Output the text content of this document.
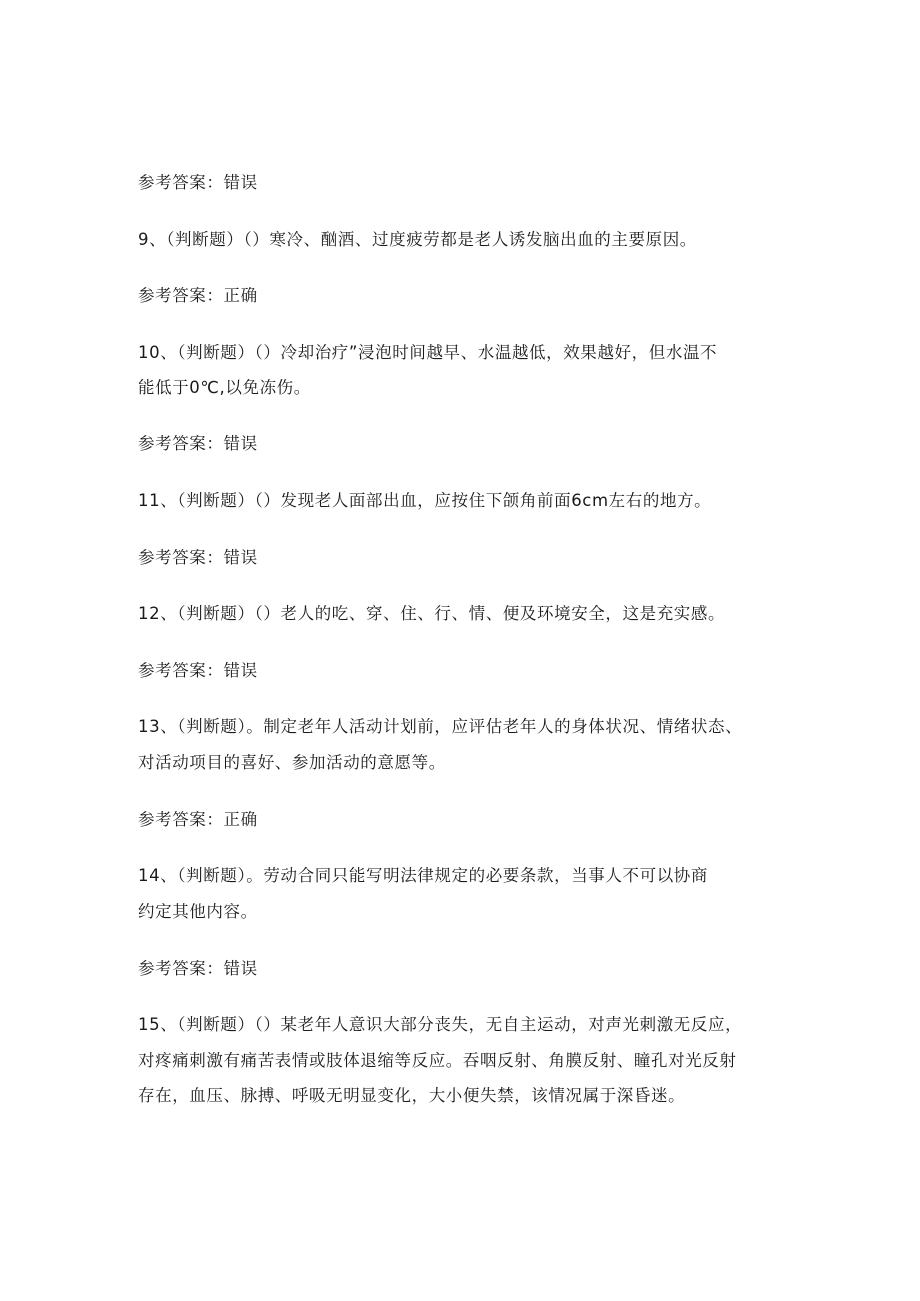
参考答案：错误
9、（判断题）（）寒冷、酗酒、过度疲劳都是老人诱发脑出血的主要原因。
参考答案：正确
10、（判断题）（）冷却治疗”浸泡时间越早、水温越低，效果越好，但水温不
能低于0℃,以免冻伤。
参考答案：错误
11、（判断题）（）发现老人面部出血，应按住下颌角前面6cm左右的地方。
参考答案：错误
12、（判断题）（）老人的吃、穿、住、行、情、便及环境安全，这是充实感。
参考答案：错误
13、（判断题）。制定老年人活动计划前，应评估老年人的身体状况、情绪状态、
对活动项目的喜好、参加活动的意愿等。
参考答案：正确
14、（判断题）。劳动合同只能写明法律规定的必要条款，当事人不可以协商
约定其他内容。
参考答案：错误
15、（判断题）（）某老年人意识大部分丧失，无自主运动，对声光刺激无反应，
对疼痛刺激有痛苦表情或肢体退缩等反应。吞咽反射、角膜反射、瞳孔对光反射
存在，血压、脉搏、呼吸无明显变化，大小便失禁，该情况属于深昏迷。
